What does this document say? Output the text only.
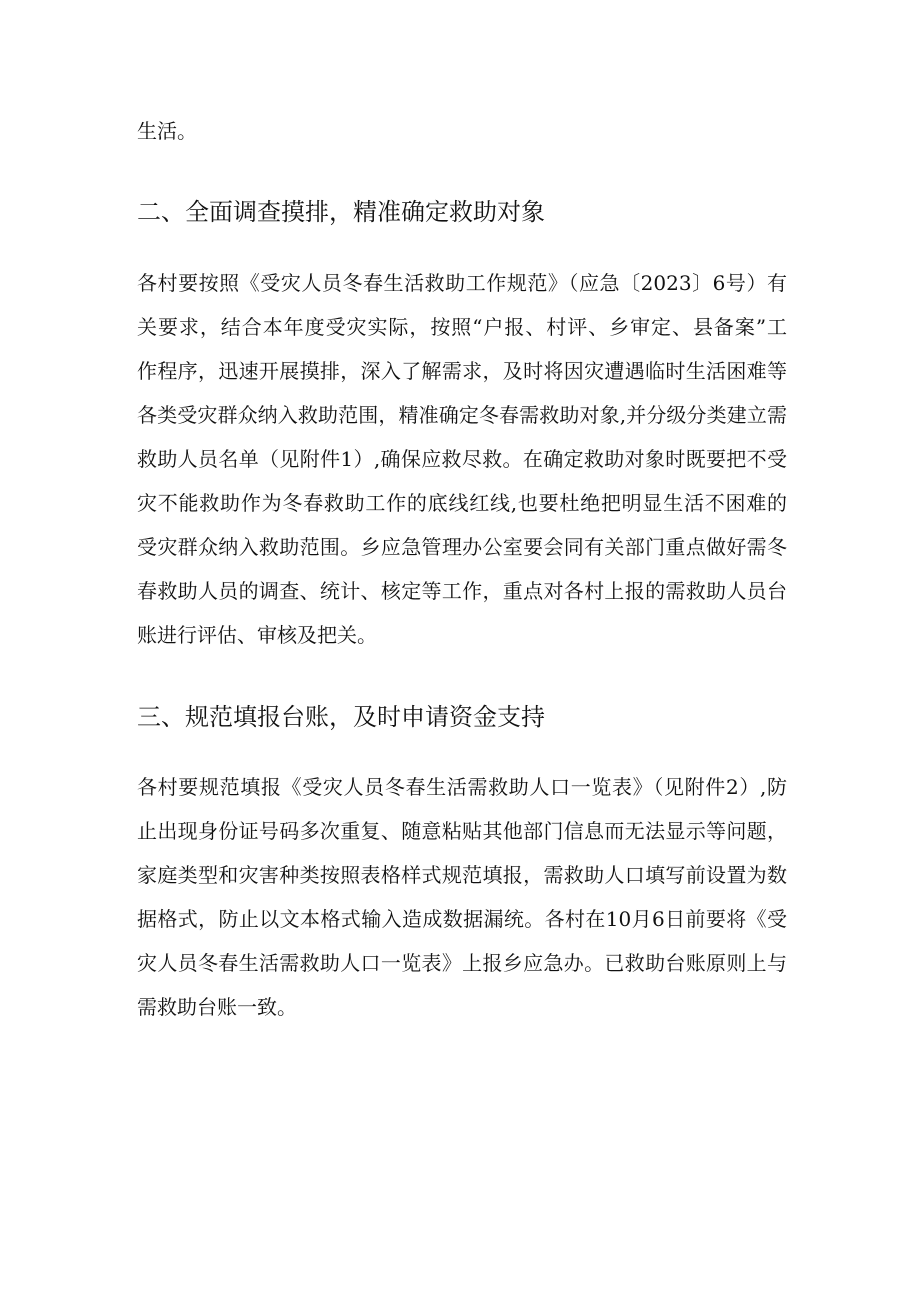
生活。

二、全面调查摸排，精准确定救助对象

各村要按照《受灾人员冬春生活救助工作规范》（应急〔2023〕6号）有

关要求，结合本年度受灾实际，按照“户报、村评、乡审定、县备案”工

作程序，迅速开展摸排，深入了解需求，及时将因灾遭遇临时生活困难等

各类受灾群众纳入救助范围，精准确定冬春需救助对象,并分级分类建立需

救助人员名单（见附件1）,确保应救尽救。在确定救助对象时既要把不受

灾不能救助作为冬春救助工作的底线红线,也要杜绝把明显生活不困难的

受灾群众纳入救助范围。乡应急管理办公室要会同有关部门重点做好需冬

春救助人员的调查、统计、核定等工作，重点对各村上报的需救助人员台

账进行评估、审核及把关。

三、规范填报台账，及时申请资金支持

各村要规范填报《受灾人员冬春生活需救助人口一览表》（见附件2）,防

止出现身份证号码多次重复、随意粘贴其他部门信息而无法显示等问题，

家庭类型和灾害种类按照表格样式规范填报，需救助人口填写前设置为数

据格式，防止以文本格式输入造成数据漏统。各村在10月6日前要将《受

灾人员冬春生活需救助人口一览表》上报乡应急办。已救助台账原则上与

需救助台账一致。
